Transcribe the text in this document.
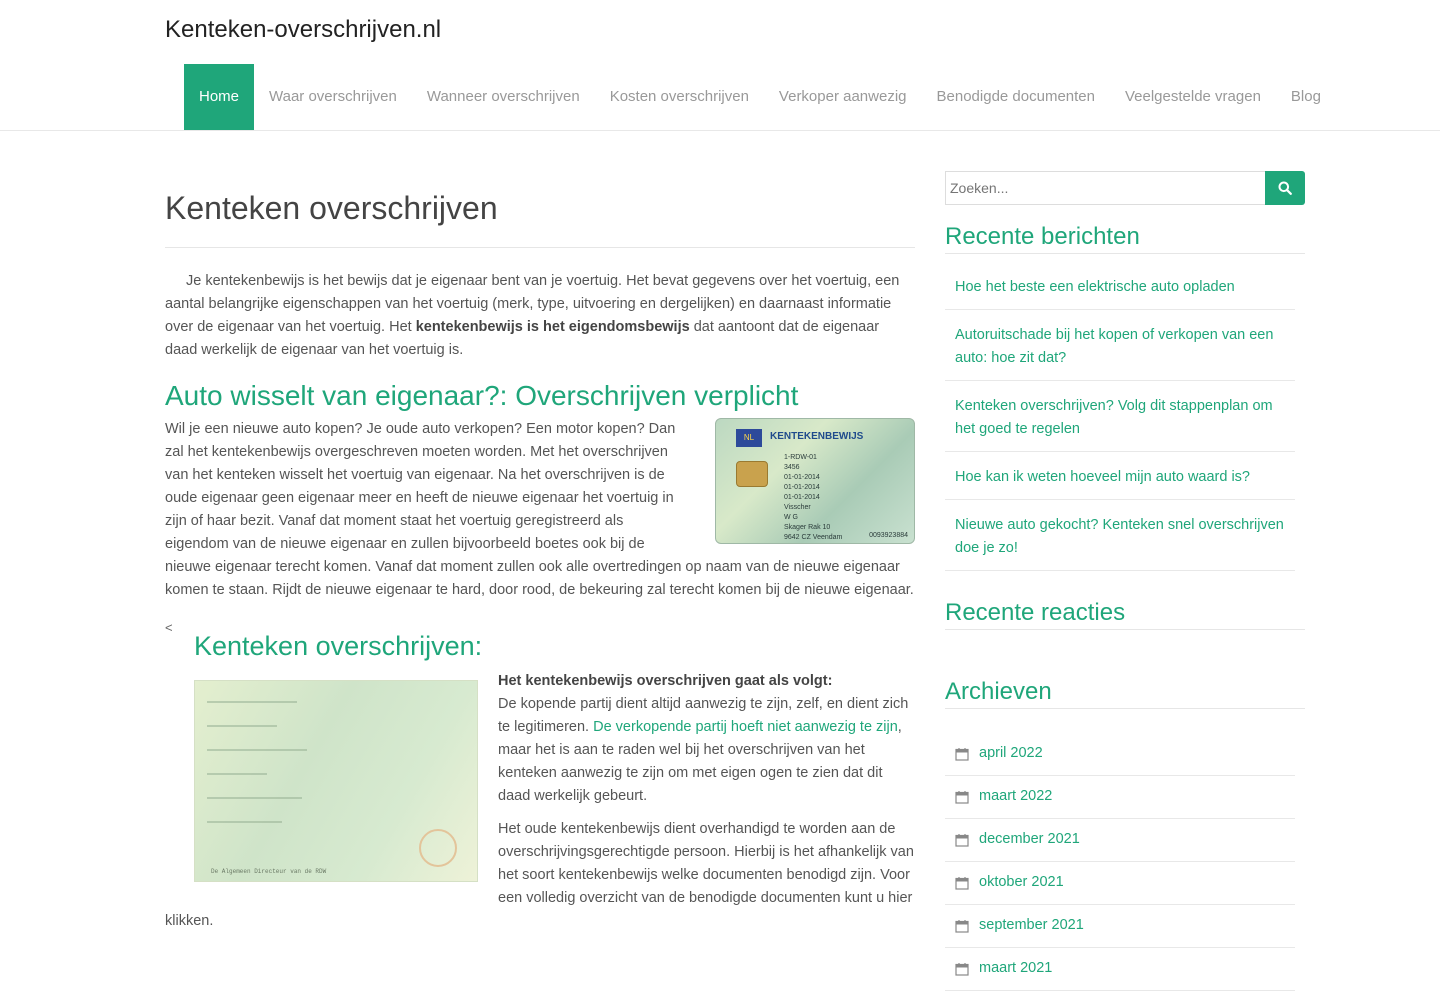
Kenteken-overschrijven.nl
Home	Waar overschrijven	Wanneer overschrijven	Kosten overschrijven	Verkoper aanwezig	Benodigde documenten	Veelgestelde vragen	Blog
Kenteken overschrijven

Je kentekenbewijs is het bewijs dat je eigenaar bent van je voertuig. Het bevat gegevens over het voertuig, een aantal belangrijke eigenschappen van het voertuig (merk, type, uitvoering en dergelijken) en daarnaast informatie over de eigenaar van het voertuig. Het kentekenbewijs is het eigendomsbewijs dat aantoont dat de eigenaar daad werkelijk de eigenaar van het voertuig is.

Auto wisselt van eigenaar?: Overschrijven verplicht
NL	KENTEKENBEWIJS
1-RDW-01
3456
01-01-2014
01-01-2014
01-01-2014
Visscher
W G
Skager Rak 10
9642 CZ Veendam	0093923884

Wil je een nieuwe auto kopen? Je oude auto verkopen? Een motor kopen? Dan zal het kentekenbewijs overgeschreven moeten worden. Met het overschrijven van het kenteken wisselt het voertuig van eigenaar. Na het overschrijven is de oude eigenaar geen eigenaar meer en heeft de nieuwe eigenaar het voertuig in zijn of haar bezit. Vanaf dat moment staat het voertuig geregistreerd als eigendom van de nieuwe eigenaar en zullen bijvoorbeeld boetes ook bij de nieuwe eigenaar terecht komen. Vanaf dat moment zullen ook alle overtredingen op naam van de nieuwe eigenaar komen te staan. Rijdt de nieuwe eigenaar te hard, door rood, de bekeuring zal terecht komen bij de nieuwe eigenaar.

<
Kenteken overschrijven:
De Algemeen Directeur van de RDW

Het kentekenbewijs overschrijven gaat als volgt:

De kopende partij dient altijd aanwezig te zijn, zelf, en dient zich te legitimeren. De verkopende partij hoeft niet aanwezig te zijn, maar het is aan te raden wel bij het overschrijven van het kenteken aanwezig te zijn om met eigen ogen te zien dat dit daad werkelijk gebeurt.

Het oude kentekenbewijs dient overhandigd te worden aan de overschrijvingsgerechtigde persoon. Hierbij is het afhankelijk van het soort kentekenbewijs welke documenten benodigd zijn. Voor een volledig overzicht van de benodigde documenten kunt u hier klikken.

Zoeken...
Recente berichten
Hoe het beste een elektrische auto opladen
Autoruitschade bij het kopen of verkopen van een auto: hoe zit dat?
Kenteken overschrijven? Volg dit stappenplan om het goed te regelen
Hoe kan ik weten hoeveel mijn auto waard is?
Nieuwe auto gekocht? Kenteken snel overschrijven doe je zo!
Recente reacties
Archieven
april 2022
maart 2022
december 2021
oktober 2021
september 2021
maart 2021
